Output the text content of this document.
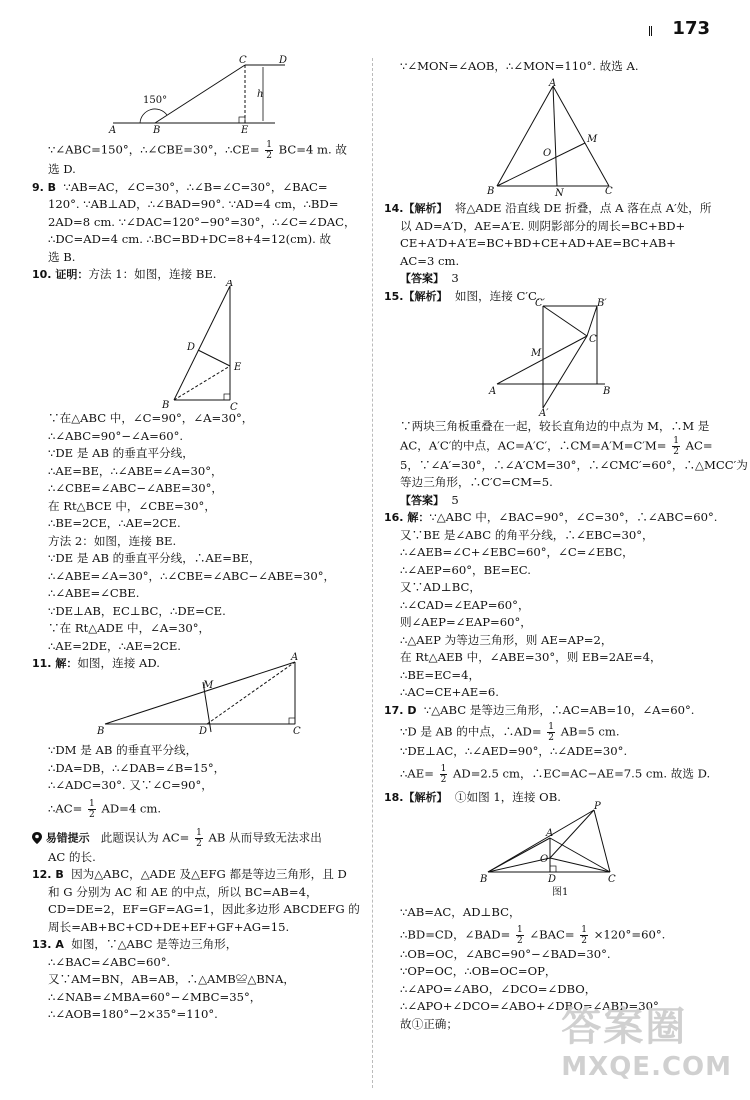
173
A	B	E
C	D
h
150°

∵∠ABC=150°，∴∠CBE=30°，∴CE= $\frac{1}{2} BC=4$ m. 故

选 D.

9. B ∵AB=AC，∠C=30°，∴∠B=∠C=30°，∠BAC=

120°. ∵AB⊥AD，∴∠BAD=90°. ∵AD=4 cm，∴BD=

2AD=8 cm. ∵∠DAC=120°−90°=30°，∴∠C=∠DAC，

∴DC=AD=4 cm. ∴BC=BD+DC=8+4=12(cm). 故

选 B.

10. 证明：方法 1：如图，连接 BE.

A
B	C
D
E

∵在△ABC 中，∠C=90°，∠A=30°，

∴∠ABC=90°−∠A=60°.

∵DE 是 AB 的垂直平分线，

∴AE=BE，∴∠ABE=∠A=30°，

∴∠CBE=∠ABC−∠ABE=30°，

在 Rt△BCE 中，∠CBE=30°，

∴BE=2CE，∴AE=2CE.

方法 2：如图，连接 BE.

∵DE 是 AB 的垂直平分线，∴AE=BE，

∴∠ABE=∠A=30°，∴∠CBE=∠ABC−∠ABE=30°，

∴∠ABE=∠CBE.

∵DE⊥AB，EC⊥BC，∴DE=CE.

∵在 Rt△ADE 中，∠A=30°，

∴AE=2DE，∴AE=2CE.

11. 解：如图，连接 AD.	A
B	C
D
M

∵DM 是 AB 的垂直平分线，

∴DA=DB，∴∠DAB=∠B=15°，

∴∠ADC=30°. 又∵∠C=90°，

∴AC= $\frac{1}{2} AD=4$ cm.

易错提示 此题误认为 $AC= \frac{1}{2}$ AB 从而导致无法求出

AC 的长.

12. B 因为△ABC，△ADE 及△EFG 都是等边三角形，且 D

和 G 分别为 AC 和 AE 的中点，所以 BC=AB=4，

CD=DE=2，EF=GF=AG=1，因此多边形 ABCDEFG 的

周长=AB+BC+CD+DE+EF+GF+AG=15.

13. A 如图，∵△ABC 是等边三角形，

∴∠BAC=∠ABC=60°.

又∵AM=BN，AB=AB，∴△AMB≌△BNA，

∴∠NAB=∠MBA=60°−∠MBC=35°，

∴∠AOB=180°−2×35°=110°.

∵∠MON=∠AOB，∴∠MON=110°. 故选 A.

A
B	C
M
N
O

14.【解析】 将△ADE 沿直线 DE 折叠，点 A 落在点 A′处，所

以 AD=A′D，AE=A′E. 则阴影部分的周长=BC+BD+

CE+A′D+A′E=BC+BD+CE+AD+AE=BC+AB+

AC=3 cm.

【答案】 3

15.【解析】 如图，连接 C′C.

C′	B′
C
M
A	B
A′

∵两块三角板重叠在一起，较长直角边的中点为 M，∴M 是

AC，A′C′的中点，AC=A′C′，∴CM=A′M=C′M= $\frac{1}{2} AC=$

5，∵∠A′=30°，∴∠A′CM=30°，∴∠CMC′=60°，∴△MCC′为

等边三角形，∴C′C=CM=5.

【答案】 5

16. 解：∵△ABC 中，∠BAC=90°，∠C=30°，∴∠ABC=60°.

又∵BE 是∠ABC 的角平分线，∴∠EBC=30°，

∴∠AEB=∠C+∠EBC=60°，∠C=∠EBC，

∴∠AEP=60°，BE=EC.

又∵AD⊥BC，

∴∠CAD=∠EAP=60°，

则∠AEP=∠EAP=60°，

∴△AEP 为等边三角形，则 AE=AP=2，

在 Rt△AEB 中，∠ABE=30°，则 EB=2AE=4，

∴BE=EC=4，

∴AC=CE+AE=6.

17. D ∵△ABC 是等边三角形，∴AC=AB=10，∠A=60°.

∵D 是 AB 的中点，∴AD= $\frac{1}{2} AB=5$ cm.

∵DE⊥AC，∴∠AED=90°，∴∠ADE=30°.

∴AE= $\frac{1}{2} AD=2.5$ cm，∴EC=AC−AE=7.5 cm. 故选 D.

18.【解析】 ①如图 1，连接 OB.

A
B	C
D
O
P
图1

∵AB=AC，AD⊥BC，

∴BD=CD，∠BAD= $\frac{1}{2}$ ∠BAC= $\frac{1}{2} \times 120^\circ=60^\circ$.

∴OB=OC，∠ABC=90°−∠BAD=30°.

∵OP=OC，∴OB=OC=OP，

∴∠APO=∠ABO，∠DCO=∠DBO，

∴∠APO+∠DCO=∠ABO+∠DBO=∠ABD=30°.

故①正确；	答案圈
MXQE.COM
